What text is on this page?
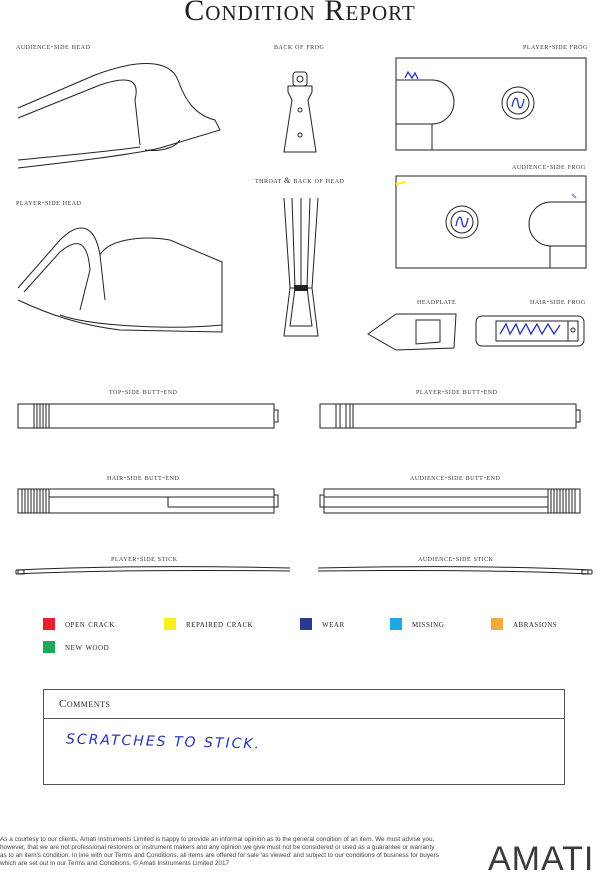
Condition Report
audience-side head	back of frog	player-side frog
audience-side frog
throat & back of head
player-side head
headplate	hair-side frog
top-side butt-end	player-side butt-end
hair-side butt-end	audience-side butt-end
player-side stick	audience-side stick
open crack	repaired crack	wear	missing	abrasions
new wood
Comments
SCRATCHES TO STICK.
As a courtesy to our clients, Amati Instruments Limited is happy to provide an informal opinion as to the general condition of an item. We must advise you, however, that we are not professional restorers or instrument makers and any opinion we give must not be considered or used as a guarantee or warranty as to an item's condition. In line with our Terms and Conditions, all items are offered for sale 'as viewed' and subject to our conditions of business for buyers which are set out in our Terms and Conditions. © Amati Instruments Limited 2017	AMATI
